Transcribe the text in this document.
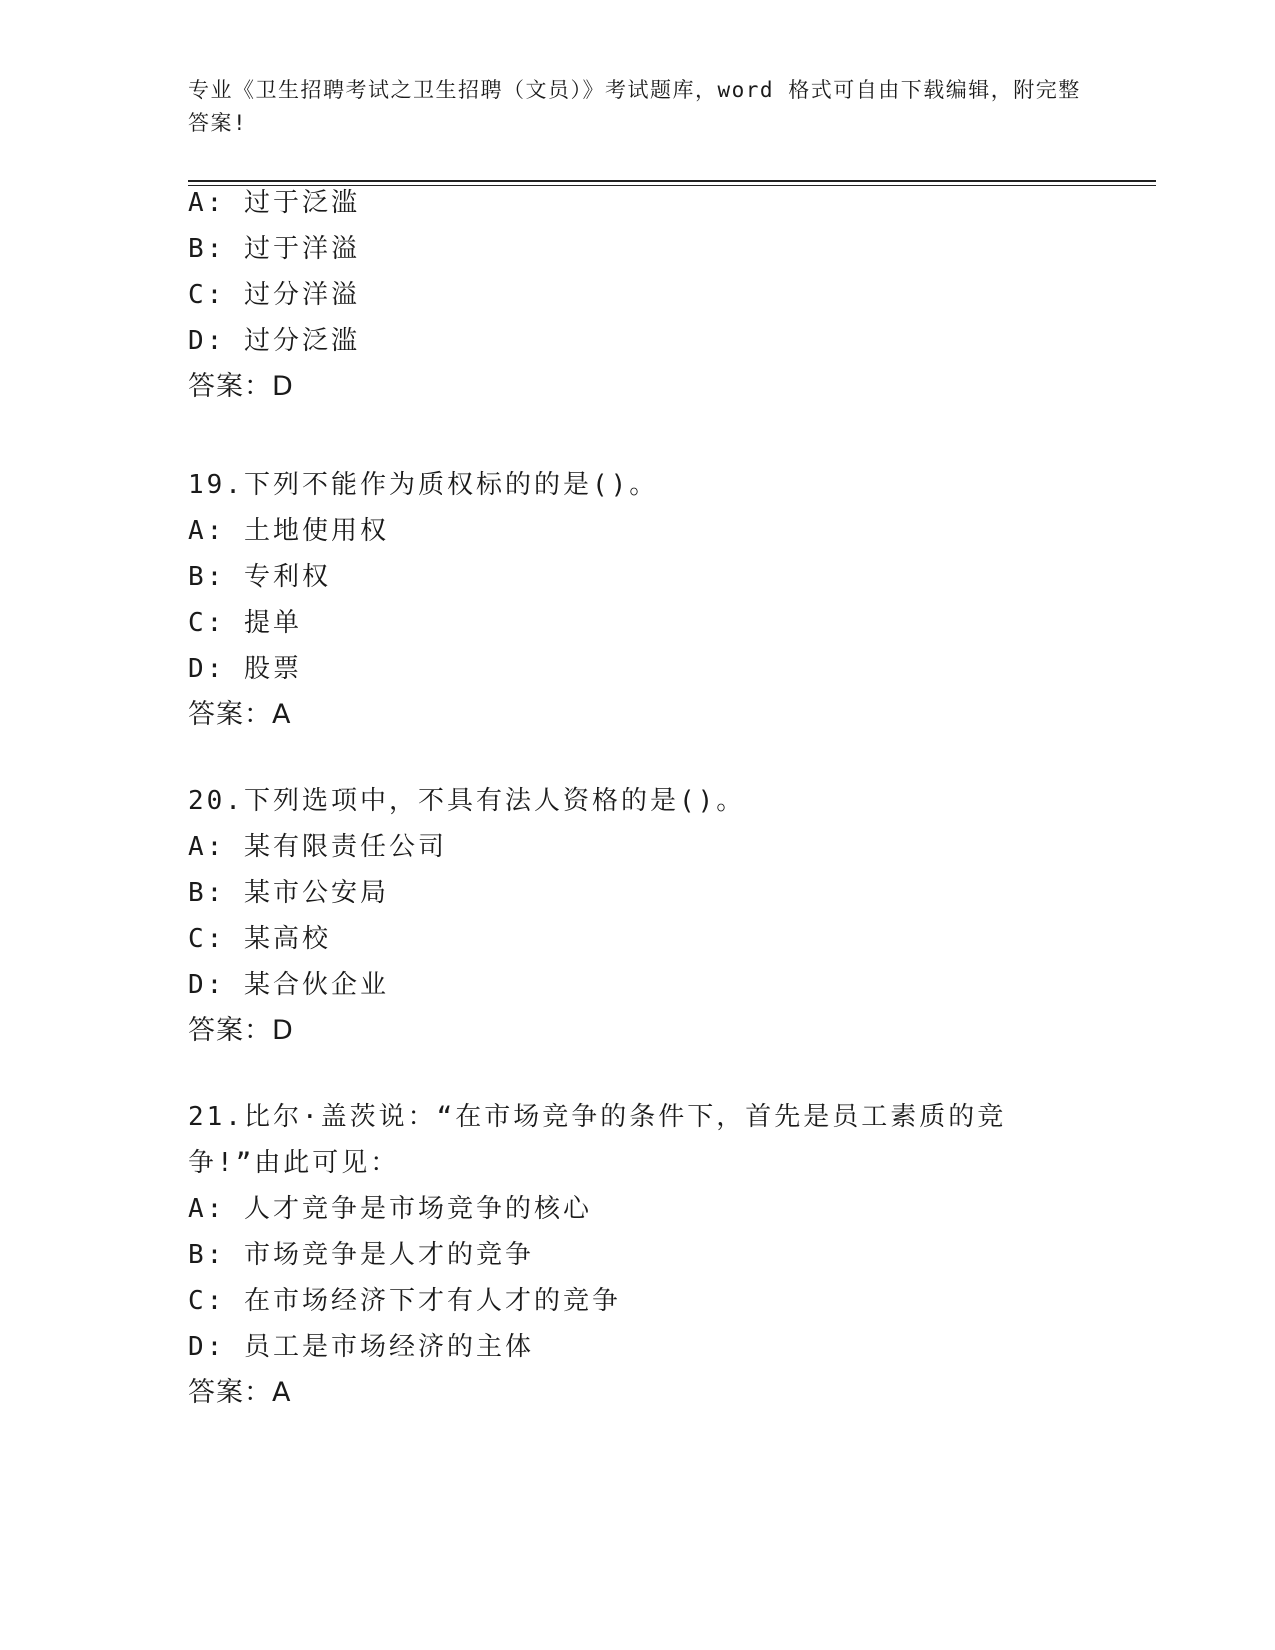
专业《卫生招聘考试之卫生招聘（文员）》考试题库，word 格式可自由下载编辑，附完整答案!
A: 过于泛滥
B: 过于洋溢
C: 过分洋溢
D: 过分泛滥
答案：D
19.下列不能作为质权标的的是()。
A: 土地使用权
B: 专利权
C: 提单
D: 股票
答案：A
20.下列选项中，不具有法人资格的是()。
A: 某有限责任公司
B: 某市公安局
C: 某高校
D: 某合伙企业
答案：D
21.比尔·盖茨说：“在市场竞争的条件下，首先是员工素质的竞争!”由此可见：
A: 人才竞争是市场竞争的核心
B: 市场竞争是人才的竞争
C: 在市场经济下才有人才的竞争
D: 员工是市场经济的主体
答案：A
